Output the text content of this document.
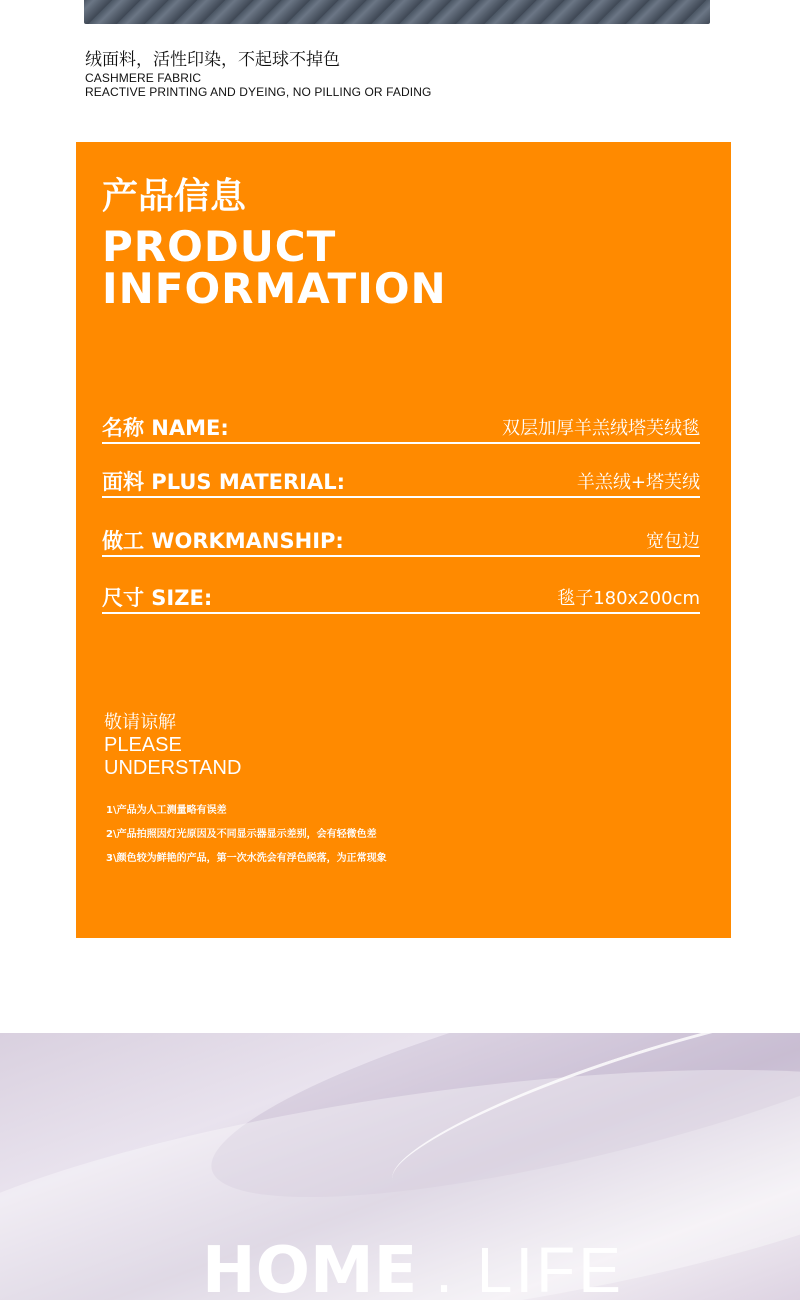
绒面料，活性印染，不起球不掉色
CASHMERE FABRIC
REACTIVE PRINTING AND DYEING, NO PILLING OR FADING
产品信息
PRODUCT
INFORMATION
名称 NAME:	双层加厚羊羔绒塔芙绒毯
面料 PLUS MATERIAL:	羊羔绒+塔芙绒
做工 WORKMANSHIP:	宽包边
尺寸 SIZE:	毯子180x200cm
敬请谅解
PLEASE
UNDERSTAND
1\产品为人工测量略有误差
2\产品拍照因灯光原因及不同显示器显示差别，会有轻微色差
3\颜色较为鲜艳的产品，第一次水洗会有浮色脱落，为正常现象
HOME . LIFE
